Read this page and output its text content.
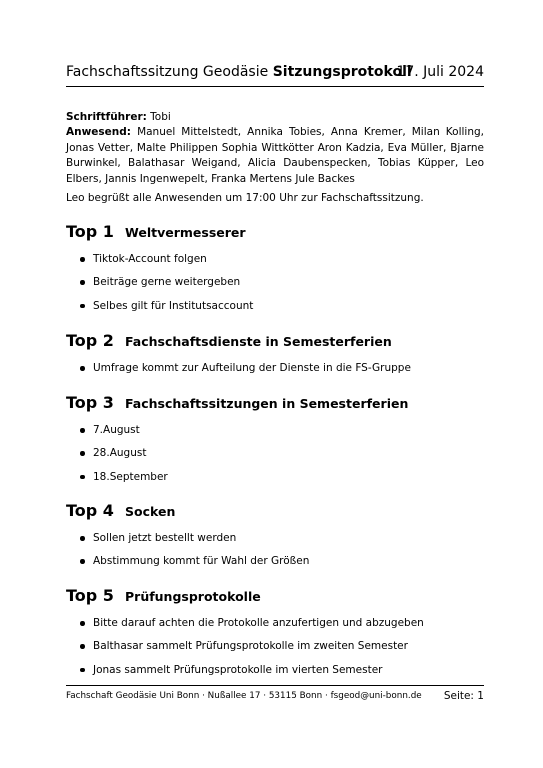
Fachschaftssitzung Geodäsie Sitzungsprotokoll
17. Juli 2024

Schriftführer: Tobi

Anwesend: Manuel Mittelstedt, Annika Tobies, Anna Kremer, Milan Kolling, Jonas Vetter, Malte Philippen Sophia Wittkötter Aron Kadzia, Eva Müller, Bjarne Burwinkel, Balathasar Weigand, Alicia Daubenspecken, Tobias Küpper, Leo Elbers, Jannis Ingenwepelt, Franka Mertens Jule Backes

Leo begrüßt alle Anwesenden um 17:00 Uhr zur Fachschaftssitzung.
Top 1 Weltvermesserer
Tiktok-Account folgen
Beiträge gerne weitergeben
Selbes gilt für Institutsaccount
Top 2 Fachschaftsdienste in Semesterferien
Umfrage kommt zur Aufteilung der Dienste in die FS-Gruppe
Top 3 Fachschaftssitzungen in Semesterferien
7.August
28.August
18.September
Top 4 Socken
Sollen jetzt bestellt werden
Abstimmung kommt für Wahl der Größen
Top 5 Prüfungsprotokolle
Bitte darauf achten die Protokolle anzufertigen und abzugeben
Balthasar sammelt Prüfungsprotokolle im zweiten Semester
Jonas sammelt Prüfungsprotokolle im vierten Semester
Fachschaft Geodäsie Uni Bonn · Nußallee 17 · 53115 Bonn · fsgeod@uni-bonn.de Seite: 1
